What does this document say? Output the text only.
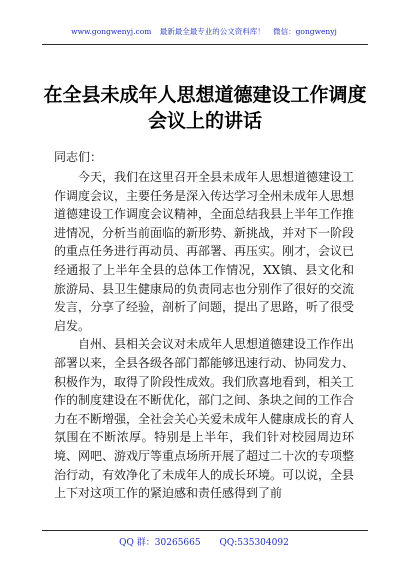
www.gongwenyj.com 最新最全最专业的公文资料库！ 微信：gongwenyj
在全县未成年人思想道德建设工作调度会议上的讲话
同志们：

今天，我们在这里召开全县未成年人思想道德建设工作调度会议，主要任务是深入传达学习全州未成年人思想道德建设工作调度会议精神，全面总结我县上半年工作推进情况，分析当前面临的新形势、新挑战，并对下一阶段的重点任务进行再动员、再部署、再压实。刚才，会议已经通报了上半年全县的总体工作情况，XX镇、县文化和旅游局、县卫生健康局的负责同志也分别作了很好的交流发言，分享了经验，剖析了问题，提出了思路，听了很受启发。

自州、县相关会议对未成年人思想道德建设工作作出部署以来，全县各级各部门都能够迅速行动、协同发力、积极作为，取得了阶段性成效。我们欣喜地看到，相关工作的制度建设在不断优化，部门之间、条块之间的工作合力在不断增强，全社会关心关爱未成年人健康成长的育人氛围在不断浓厚。特别是上半年，我们针对校园周边环境、网吧、游戏厅等重点场所开展了超过二十次的专项整治行动，有效净化了未成年人的成长环境。可以说，全县上下对这项工作的紧迫感和责任感得到了前

QQ 群：30265665 QQ:535304092
